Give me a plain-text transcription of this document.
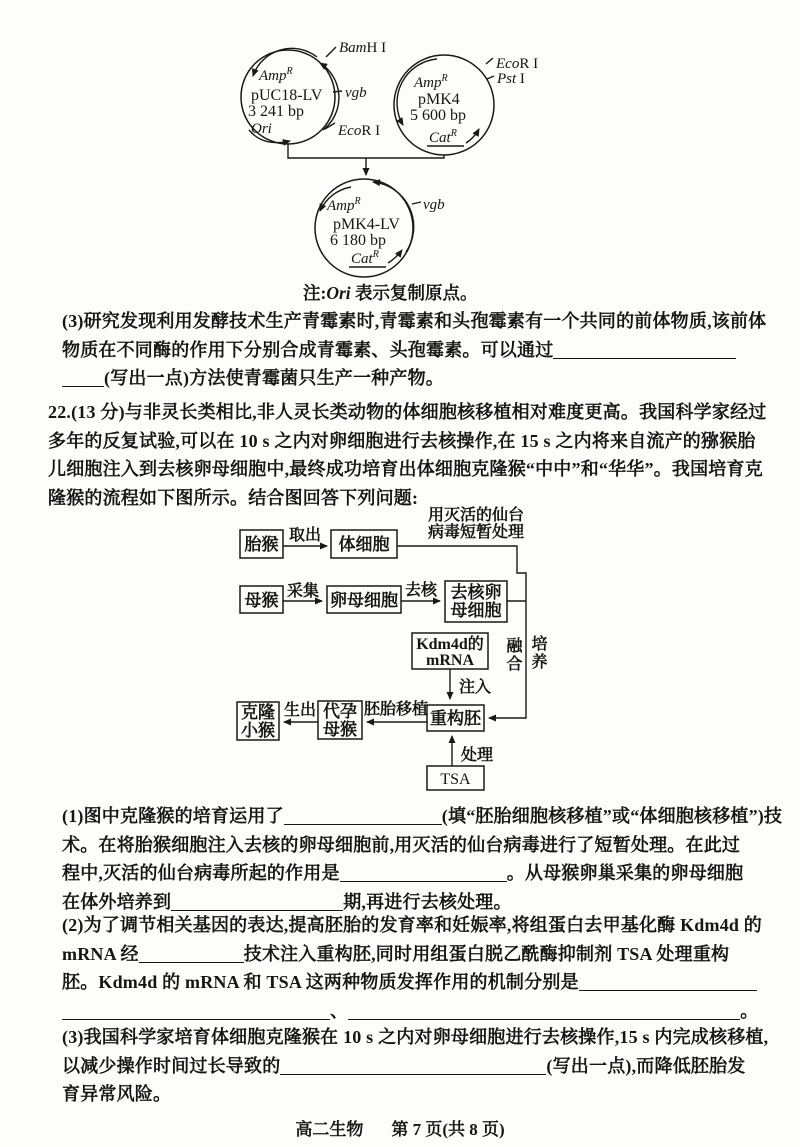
Amp$^R$
pUC18-LV
3 241 bp
Ori
BamH I
vgb
EcoR I
Amp$^R$
pMK4
5 600 bp
Cat$^R$
EcoR I
Pst I
Amp$^R$
pMK4-LV
6 180 bp
Cat$^R$
vgb
注:Ori 表示复制原点。
(3)研究发现利用发酵技术生产青霉素时,青霉素和头孢霉素有一个共同的前体物质,该前体
物质在不同酶的作用下分别合成青霉素、头孢霉素。可以通过
(写出一点)方法使青霉菌只生产一种产物。
22.(13 分)与非灵长类相比,非人灵长类动物的体细胞核移植相对难度更高。我国科学家经过
多年的反复试验,可以在 10 s 之内对卵细胞进行去核操作,在 15 s 之内将来自流产的猕猴胎
儿细胞注入到去核卵母细胞中,最终成功培育出体细胞克隆猴“中中”和“华华”。我国培育克
隆猴的流程如下图所示。结合图回答下列问题:
胎猴	体细胞
母猴	卵母细胞	去核卵
母细胞
Kdm4d的
mRNA
重构胚
TSA
代孕
母猴
克隆
小猴
取出
采集	去核
注入
处理
胚胎移植
生出
用灭活的仙台
病毒短暂处理
融合 培养
(1)图中克隆猴的培育运用了	(填“胚胎细胞核移植”或“体细胞核移植”)技
术。在将胎猴细胞注入去核的卵母细胞前,用灭活的仙台病毒进行了短暂处理。在此过
程中,灭活的仙台病毒所起的作用是	。从母猴卵巢采集的卵母细胞
在体外培养到	期,再进行去核处理。
(2)为了调节相关基因的表达,提高胚胎的发育率和妊娠率,将组蛋白去甲基化酶 Kdm4d 的
mRNA 经	技术注入重构胚,同时用组蛋白脱乙酰酶抑制剂 TSA 处理重构
胚。Kdm4d 的 mRNA 和 TSA 这两种物质发挥作用的机制分别是
、	。
(3)我国科学家培育体细胞克隆猴在 10 s 之内对卵母细胞进行去核操作,15 s 内完成核移植,
以减少操作时间过长导致的	(写出一点),而降低胚胎发
育异常风险。
高二生物 第 7 页(共 8 页)
